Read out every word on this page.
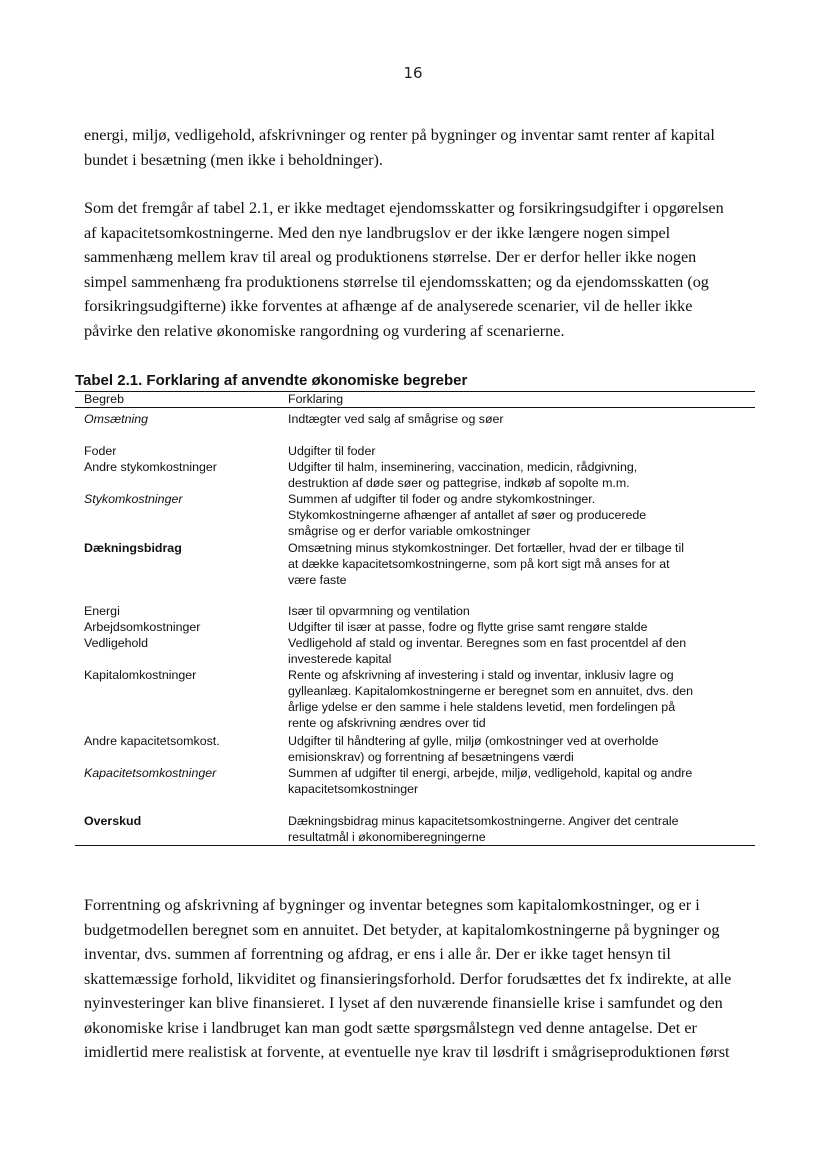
16

energi, miljø, vedligehold, afskrivninger og renter på bygninger og inventar samt renter af kapital
bundet i besætning (men ikke i beholdninger).

Som det fremgår af tabel 2.1, er ikke medtaget ejendomsskatter og forsikringsudgifter i opgørelsen
af kapacitetsomkostningerne. Med den nye landbrugslov er der ikke længere nogen simpel
sammenhæng mellem krav til areal og produktionens størrelse. Der er derfor heller ikke nogen
simpel sammenhæng fra produktionens størrelse til ejendomsskatten; og da ejendomsskatten (og
forsikringsudgifterne) ikke forventes at afhænge af de analyserede scenarier, vil de heller ikke
påvirke den relative økonomiske rangordning og vurdering af scenarierne.

Tabel 2.1. Forklaring af anvendte økonomiske begreber
Begreb	Forklaring
Omsætning	Indtægter ved salg af smågrise og søer
Foder	Udgifter til foder
Andre stykomkostninger	Udgifter til halm, inseminering, vaccination, medicin, rådgivning,
destruktion af døde søer og pattegrise, indkøb af sopolte m.m.
Stykomkostninger	Summen af udgifter til foder og andre stykomkostninger.
Stykomkostningerne afhænger af antallet af søer og producerede
smågrise og er derfor variable omkostninger
Dækningsbidrag	Omsætning minus stykomkostninger. Det fortæller, hvad der er tilbage til
at dække kapacitetsomkostningerne, som på kort sigt må anses for at
være faste
Energi	Især til opvarmning og ventilation
Arbejdsomkostninger	Udgifter til især at passe, fodre og flytte grise samt rengøre stalde
Vedligehold	Vedligehold af stald og inventar. Beregnes som en fast procentdel af den
investerede kapital
Kapitalomkostninger	Rente og afskrivning af investering i stald og inventar, inklusiv lagre og
gylleanlæg. Kapitalomkostningerne er beregnet som en annuitet, dvs. den
årlige ydelse er den samme i hele staldens levetid, men fordelingen på
rente og afskrivning ændres over tid
Andre kapacitetsomkost.	Udgifter til håndtering af gylle, miljø (omkostninger ved at overholde
emisionskrav) og forrentning af besætningens værdi
Kapacitetsomkostninger	Summen af udgifter til energi, arbejde, miljø, vedligehold, kapital og andre
kapacitetsomkostninger
Overskud	Dækningsbidrag minus kapacitetsomkostningerne. Angiver det centrale
resultatmål i økonomiberegningerne

Forrentning og afskrivning af bygninger og inventar betegnes som kapitalomkostninger, og er i
budgetmodellen beregnet som en annuitet. Det betyder, at kapitalomkostningerne på bygninger og
inventar, dvs. summen af forrentning og afdrag, er ens i alle år. Der er ikke taget hensyn til
skattemæssige forhold, likviditet og finansieringsforhold. Derfor forudsættes det fx indirekte, at alle
nyinvesteringer kan blive finansieret. I lyset af den nuværende finansielle krise i samfundet og den
økonomiske krise i landbruget kan man godt sætte spørgsmålstegn ved denne antagelse. Det er
imidlertid mere realistisk at forvente, at eventuelle nye krav til løsdrift i smågriseproduktionen først
